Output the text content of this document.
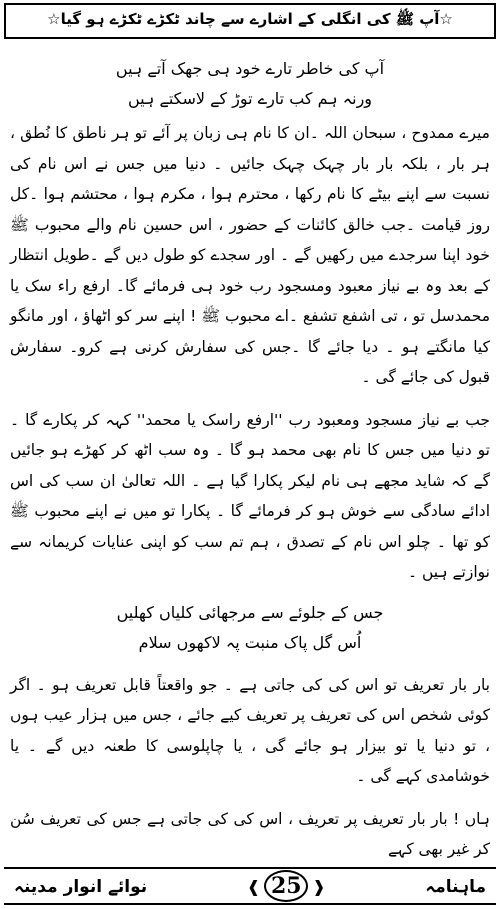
☆آپ ﷺ کی انگلی کے اشارے سے چاند ٹکڑے ٹکڑے ہو گیا☆
آپ کی خاطر تارے خود ہی جھک آتے ہیں
ورنہ ہم کب تارے توڑ کے لاسکتے ہیں

میرے ممدوح ، سبحان اللہ ۔ان کا نام ہی زبان پر آئے تو ہر ناطق کا نُطق ، ہر بار ، بلکہ بار بار چہک چہک جائیں ۔ دنیا میں جس نے اس نام کی نسبت سے اپنے بیٹے کا نام رکھا ، محترم ہوا ، مکرم ہوا ، محتشم ہوا ۔کل روز قیامت ۔جب خالق کائنات کے حضور ، اس حسین نام والے محبوب ﷺ خود اپنا سرجدے میں رکھیں گے ۔ اور سجدے کو طول دیں گے ۔طویل انتظار کے بعد وہ بے نیاز معبود ومسجود رب خود ہی فرمائے گا۔ ارفع راء سک یا محمدسل تو ، تی اشفع تشفع ۔اے محبوب ﷺ ! اپنے سر کو اٹھاؤ ، اور مانگو کیا مانگتے ہو ۔ دیا جائے گا ۔جس کی سفارش کرنی ہے کرو۔ سفارش قبول کی جائے گی ۔

جب بے نیاز مسجود ومعبود رب ''ارفع راسک یا محمد'' کہہ کر پکارے گا ۔ تو دنیا میں جس کا نام بھی محمد ہو گا ۔ وہ سب اٹھ کر کھڑے ہو جائیں گے کہ شاید مجھے ہی نام لیکر پکارا گیا ہے ۔ اللہ تعالیٰ ان سب کی اس ادائے سادگی سے خوش ہو کر فرمائے گا ۔ پکارا تو میں نے اپنے محبوب ﷺ کو تھا ۔ چلو اس نام کے تصدق ، ہم تم سب کو اپنی عنایات کریمانہ سے نوازتے ہیں ۔

جس کے جلوئے سے مرجھائی کلیاں کھلیں
اُس گل پاک منبت پہ لاکھوں سلام

بار بار تعریف تو اس کی کی جاتی ہے ۔ جو واقعتاً قابل تعریف ہو ۔ اگر کوئی شخص اس کی تعریف پر تعریف کیے جائے ، جس میں ہزار عیب ہوں ، تو دنیا یا تو بیزار ہو جائے گی ، یا چاپلوسی کا طعنہ دیں گے ۔ یا خوشامدی کہے گی ۔

ہاں ! بار بار تعریف پر تعریف ، اس کی کی جاتی ہے جس کی تعریف سُن کر غیر بھی کہے

ماہنامہ
❰ 25 ❱
نوائے انوار مدینہ
